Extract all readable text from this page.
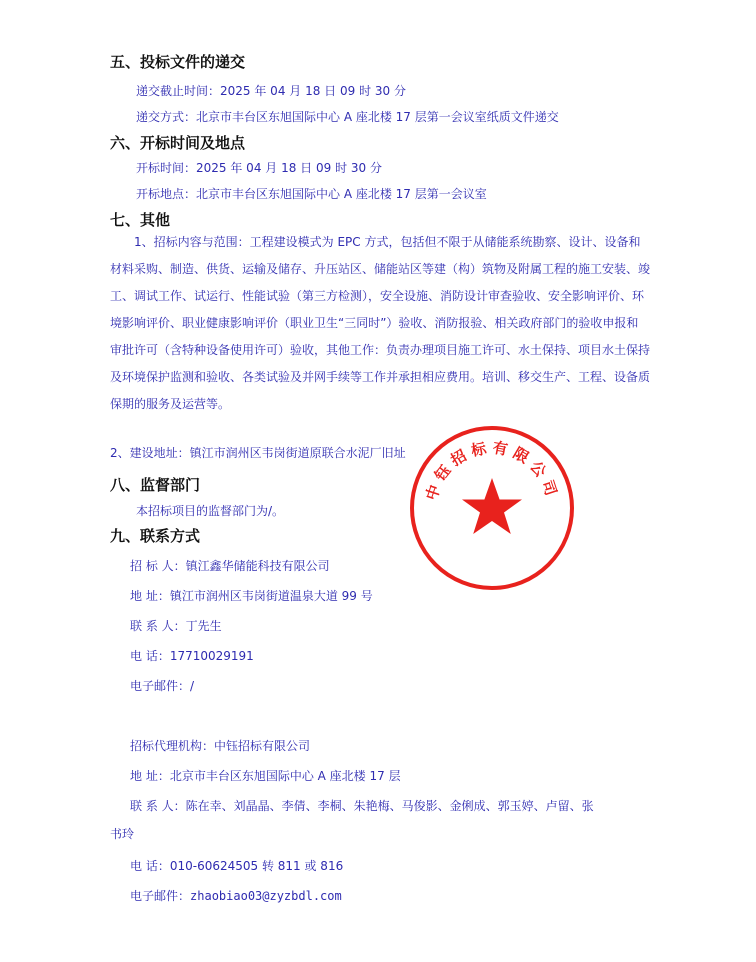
五、投标文件的递交
递交截止时间：2025 年 04 月 18 日 09 时 30 分
递交方式：北京市丰台区东旭国际中心 A 座北楼 17 层第一会议室纸质文件递交
六、开标时间及地点
开标时间：2025 年 04 月 18 日 09 时 30 分
开标地点：北京市丰台区东旭国际中心 A 座北楼 17 层第一会议室
七、其他
1、招标内容与范围：工程建设模式为 EPC 方式，包括但不限于从储能系统勘察、设计、设备和材料采购、制造、供货、运输及储存、升压站区、储能站区等建（构）筑物及附属工程的施工安装、竣工、调试工作、试运行、性能试验（第三方检测），安全设施、消防设计审查验收、安全影响评价、环境影响评价、职业健康影响评价（职业卫生“三同时”）验收、消防报验、相关政府部门的验收申报和审批许可（含特种设备使用许可）验收，其他工作：负责办理项目施工许可、水土保持、项目水土保持及环境保护监测和验收、各类试验及并网手续等工作并承担相应费用。培训、移交生产、工程、设备质保期的服务及运营等。
2、建设地址：镇江市润州区韦岗街道原联合水泥厂旧址
八、监督部门
本招标项目的监督部门为/。
九、联系方式
招 标 人：镇江鑫华储能科技有限公司
地 址：镇江市润州区韦岗街道温泉大道 99 号
联 系 人：丁先生
电 话：17710029191
电子邮件：/
招标代理机构：中钰招标有限公司
地 址：北京市丰台区东旭国际中心 A 座北楼 17 层
联 系 人：陈在幸、刘晶晶、李倩、李桐、朱艳梅、马俊影、金俐成、郭玉婷、卢留、张
书玲
电 话：010-60624505 转 811 或 816
电子邮件：zhaobiao03@zyzbdl.com
中钰招标有限公司
